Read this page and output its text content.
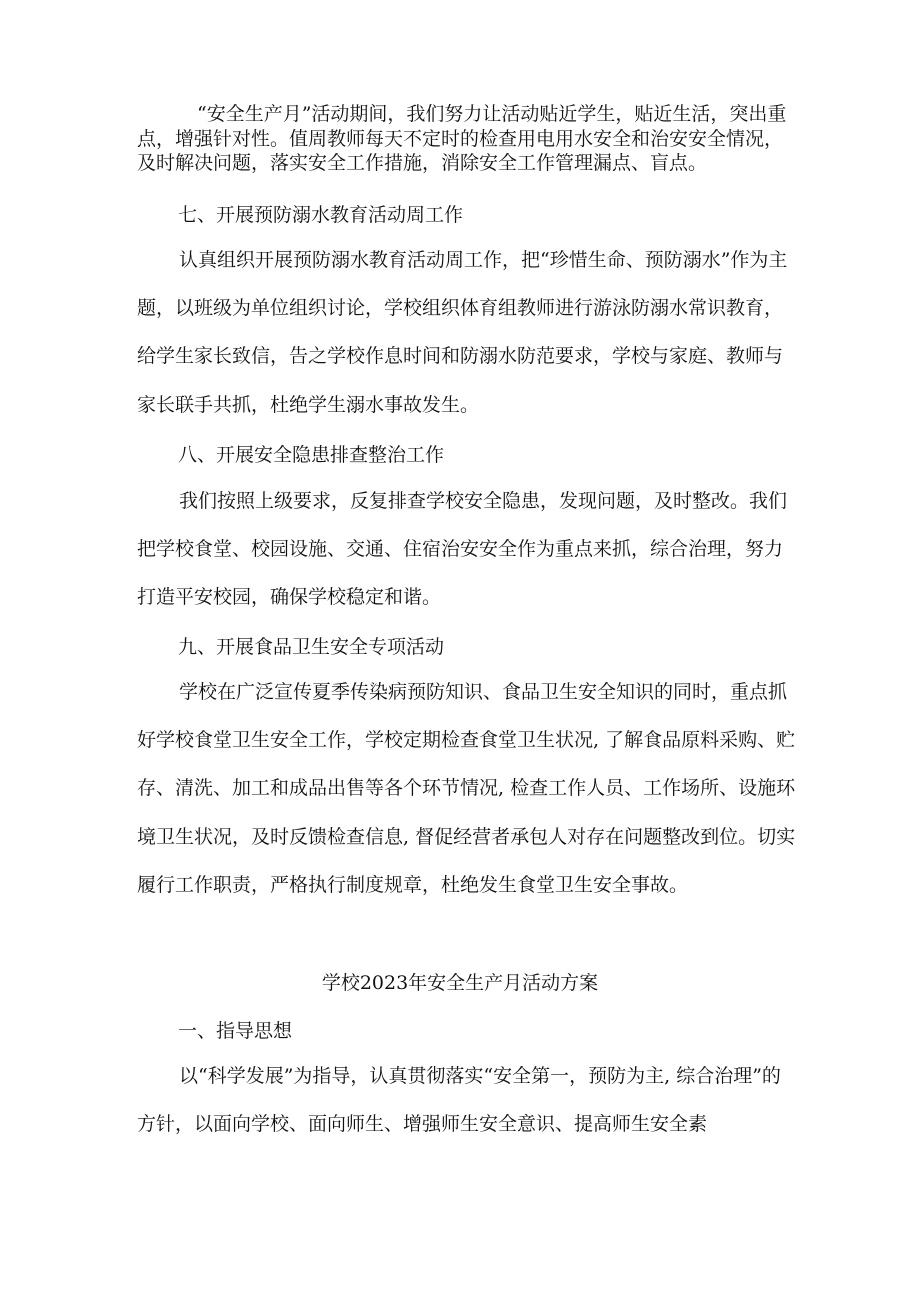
“安全生产月”活动期间，我们努力让活动贴近学生，贴近生活，突出重点，增强针对性。值周教师每天不定时的检查用电用水安全和治安安全情况，及时解决问题，落实安全工作措施，消除安全工作管理漏点、盲点。

七、开展预防溺水教育活动周工作

认真组织开展预防溺水教育活动周工作，把“珍惜生命、预防溺水”作为主题，以班级为单位组织讨论，学校组织体育组教师进行游泳防溺水常识教育，给学生家长致信，告之学校作息时间和防溺水防范要求，学校与家庭、教师与家长联手共抓，杜绝学生溺水事故发生。

八、开展安全隐患排查整治工作

我们按照上级要求，反复排查学校安全隐患，发现问题，及时整改。我们把学校食堂、校园设施、交通、住宿治安安全作为重点来抓，综合治理，努力打造平安校园，确保学校稳定和谐。

九、开展食品卫生安全专项活动

学校在广泛宣传夏季传染病预防知识、食品卫生安全知识的同时，重点抓好学校食堂卫生安全工作，学校定期检查食堂卫生状况, 了解食品原料采购、贮存、清洗、加工和成品出售等各个环节情况, 检查工作人员、工作场所、设施环境卫生状况，及时反馈检查信息, 督促经营者承包人对存在问题整改到位。切实履行工作职责，严格执行制度规章，杜绝发生食堂卫生安全事故。

学校2023年安全生产月活动方案

一、指导思想

以“科学发展”为指导，认真贯彻落实“安全第一，预防为主, 综合治理”的方针，以面向学校、面向师生、增强师生安全意识、提高师生安全素
